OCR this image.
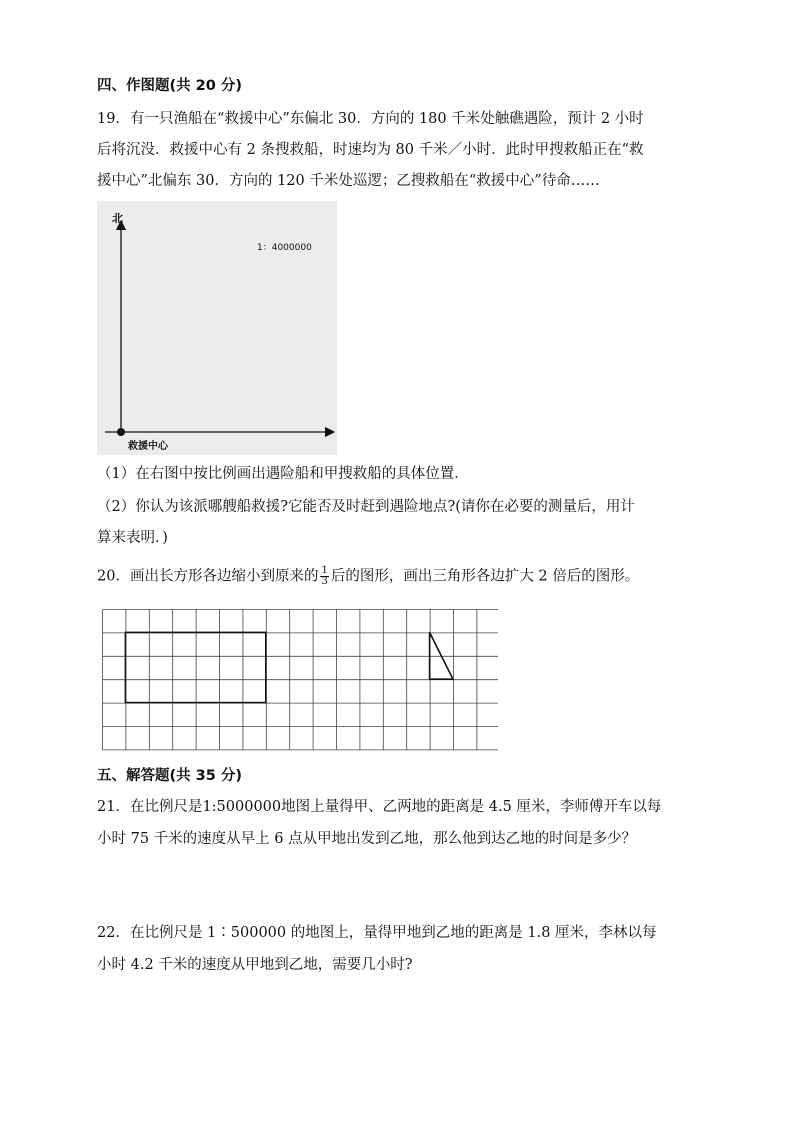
四、作图题(共 20 分)
19．有一只渔船在“救援中心”东偏北 30．方向的 180 千米处触礁遇险，预计 2 小时
后将沉没．救援中心有 2 条搜救船，时速均为 80 千米／小时．此时甲搜救船正在“救
援中心”北偏东 30．方向的 120 千米处巡逻；乙搜救船在“救援中心”待命……
北
1：4000000
救援中心
（1）在右图中按比例画出遇险船和甲搜救船的具体位置．
（2）你认为该派哪艘船救援?它能否及时赶到遇险地点?(请你在必要的测量后，用计
算来表明．)
20．画出长方形各边缩小到原来的 $\frac{1}{3}$ 后的图形，画出三角形各边扩大 2 倍后的图形。
五、解答题(共 35 分)
21．在比例尺是1:5000000地图上量得甲、乙两地的距离是 4.5 厘米，李师傅开车以每
小时 75 千米的速度从早上 6 点从甲地出发到乙地，那么他到达乙地的时间是多少？
22．在比例尺是 1∶500000 的地图上，量得甲地到乙地的距离是 1.8 厘米，李林以每
小时 4.2 千米的速度从甲地到乙地，需要几小时?
